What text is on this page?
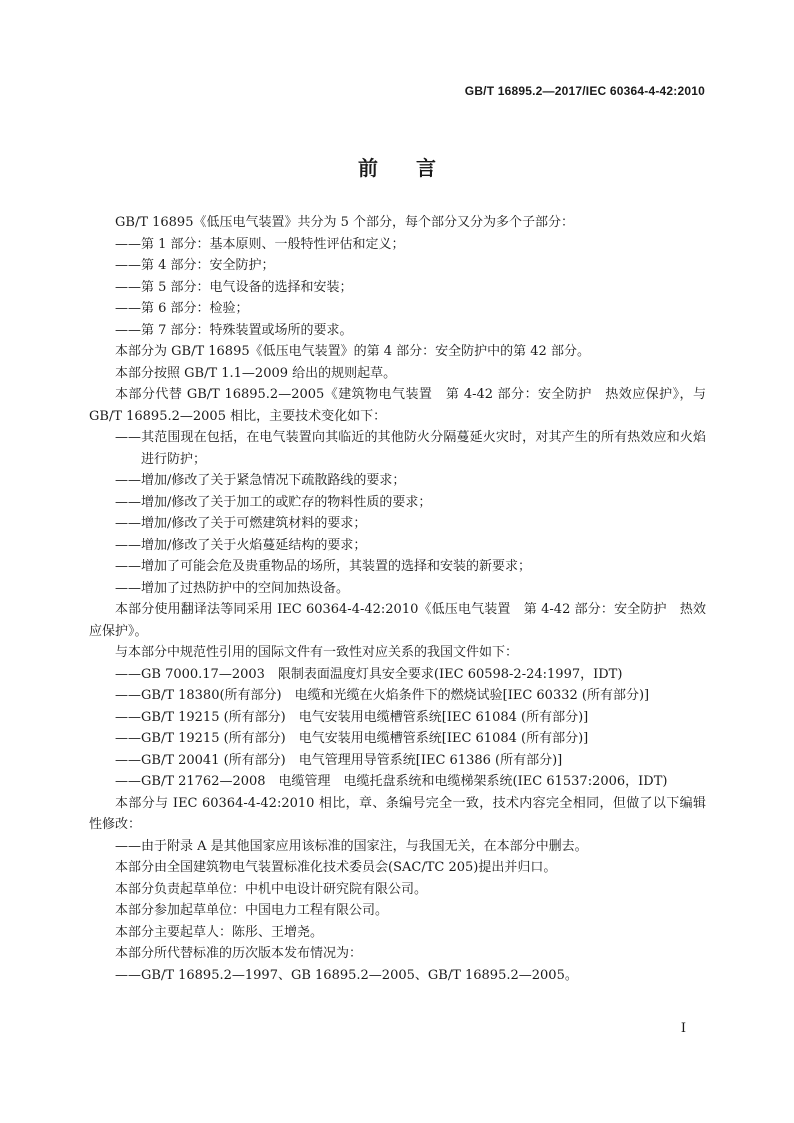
GB/T 16895.2—2017/IEC 60364-4-42:2010
前言

GB/T 16895《低压电气装置》共分为 5 个部分，每个部分又分为多个子部分：

——第 1 部分：基本原则、一般特性评估和定义；

——第 4 部分：安全防护；

——第 5 部分：电气设备的选择和安装；

——第 6 部分：检验；

——第 7 部分：特殊装置或场所的要求。

本部分为 GB/T 16895《低压电气装置》的第 4 部分：安全防护中的第 42 部分。

本部分按照 GB/T 1.1—2009 给出的规则起草。

本部分代替 GB/T 16895.2—2005《建筑物电气装置　第 4-42 部分：安全防护　热效应保护》，与 GB/T 16895.2—2005 相比，主要技术变化如下：

——其范围现在包括，在电气装置向其临近的其他防火分隔蔓延火灾时，对其产生的所有热效应和火焰进行防护；

——增加/修改了关于紧急情况下疏散路线的要求；

——增加/修改了关于加工的或贮存的物料性质的要求；

——增加/修改了关于可燃建筑材料的要求；

——增加/修改了关于火焰蔓延结构的要求；

——增加了可能会危及贵重物品的场所，其装置的选择和安装的新要求；

——增加了过热防护中的空间加热设备。

本部分使用翻译法等同采用 IEC 60364-4-42:2010《低压电气装置　第 4-42 部分：安全防护　热效应保护》。

与本部分中规范性引用的国际文件有一致性对应关系的我国文件如下：

——GB 7000.17—2003　限制表面温度灯具安全要求(IEC 60598-2-24:1997，IDT)

——GB/T 18380(所有部分)　电缆和光缆在火焰条件下的燃烧试验[IEC 60332 (所有部分)]

——GB/T 19215 (所有部分)　电气安装用电缆槽管系统[IEC 61084 (所有部分)]

——GB/T 19215 (所有部分)　电气安装用电缆槽管系统[IEC 61084 (所有部分)]

——GB/T 20041 (所有部分)　电气管理用导管系统[IEC 61386 (所有部分)]

——GB/T 21762—2008　电缆管理　电缆托盘系统和电缆梯架系统(IEC 61537:2006，IDT)

本部分与 IEC 60364-4-42:2010 相比，章、条编号完全一致，技术内容完全相同，但做了以下编辑性修改：

——由于附录 A 是其他国家应用该标准的国家注，与我国无关，在本部分中删去。

本部分由全国建筑物电气装置标准化技术委员会(SAC/TC 205)提出并归口。

本部分负责起草单位：中机中电设计研究院有限公司。

本部分参加起草单位：中国电力工程有限公司。

本部分主要起草人：陈彤、王增尧。

本部分所代替标准的历次版本发布情况为：

——GB/T 16895.2—1997、GB 16895.2—2005、GB/T 16895.2—2005。

I
